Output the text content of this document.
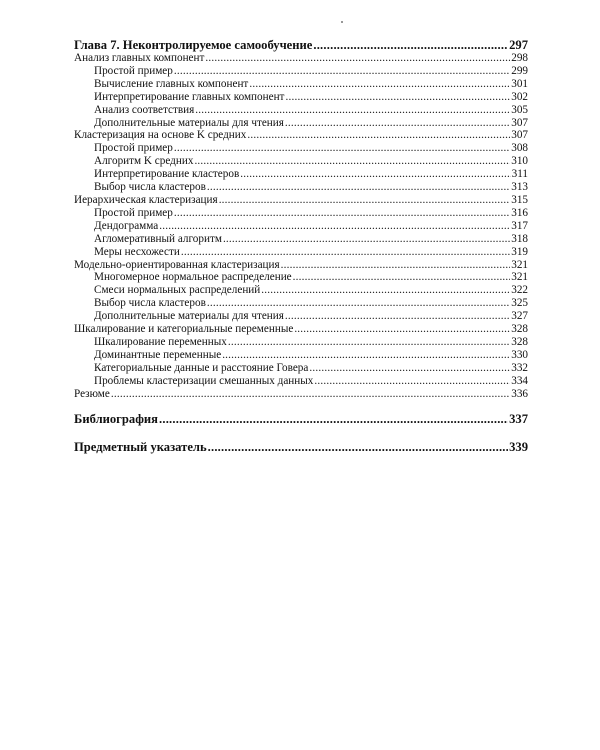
Глава 7. Неконтролируемое самообучение .....	297
Анализ главных компонент .....	298
Простой пример .....	299
Вычисление главных компонент .....	301
Интерпретирование главных компонент .....	302
Анализ соответствия .....	305
Дополнительные материалы для чтения .....	307
Кластеризация на основе K средних .....	307
Простой пример .....	308
Алгоритм K средних .....	310
Интерпретирование кластеров .....	311
Выбор числа кластеров .....	313
Иерархическая кластеризация .....	315
Простой пример .....	316
Дендограмма .....	317
Агломеративный алгоритм .....	318
Меры несхожести .....	319
Модельно-ориентированная кластеризация .....	321
Многомерное нормальное распределение .....	321
Смеси нормальных распределений .....	322
Выбор числа кластеров .....	325
Дополнительные материалы для чтения .....	327
Шкалирование и категориальные переменные .....	328
Шкалирование переменных .....	328
Доминантные переменные .....	330
Категориальные данные и расстояние Говера .....	332
Проблемы кластеризации смешанных данных .....	334
Резюме .....	336
Библиография .....	337
Предметный указатель .....	339
